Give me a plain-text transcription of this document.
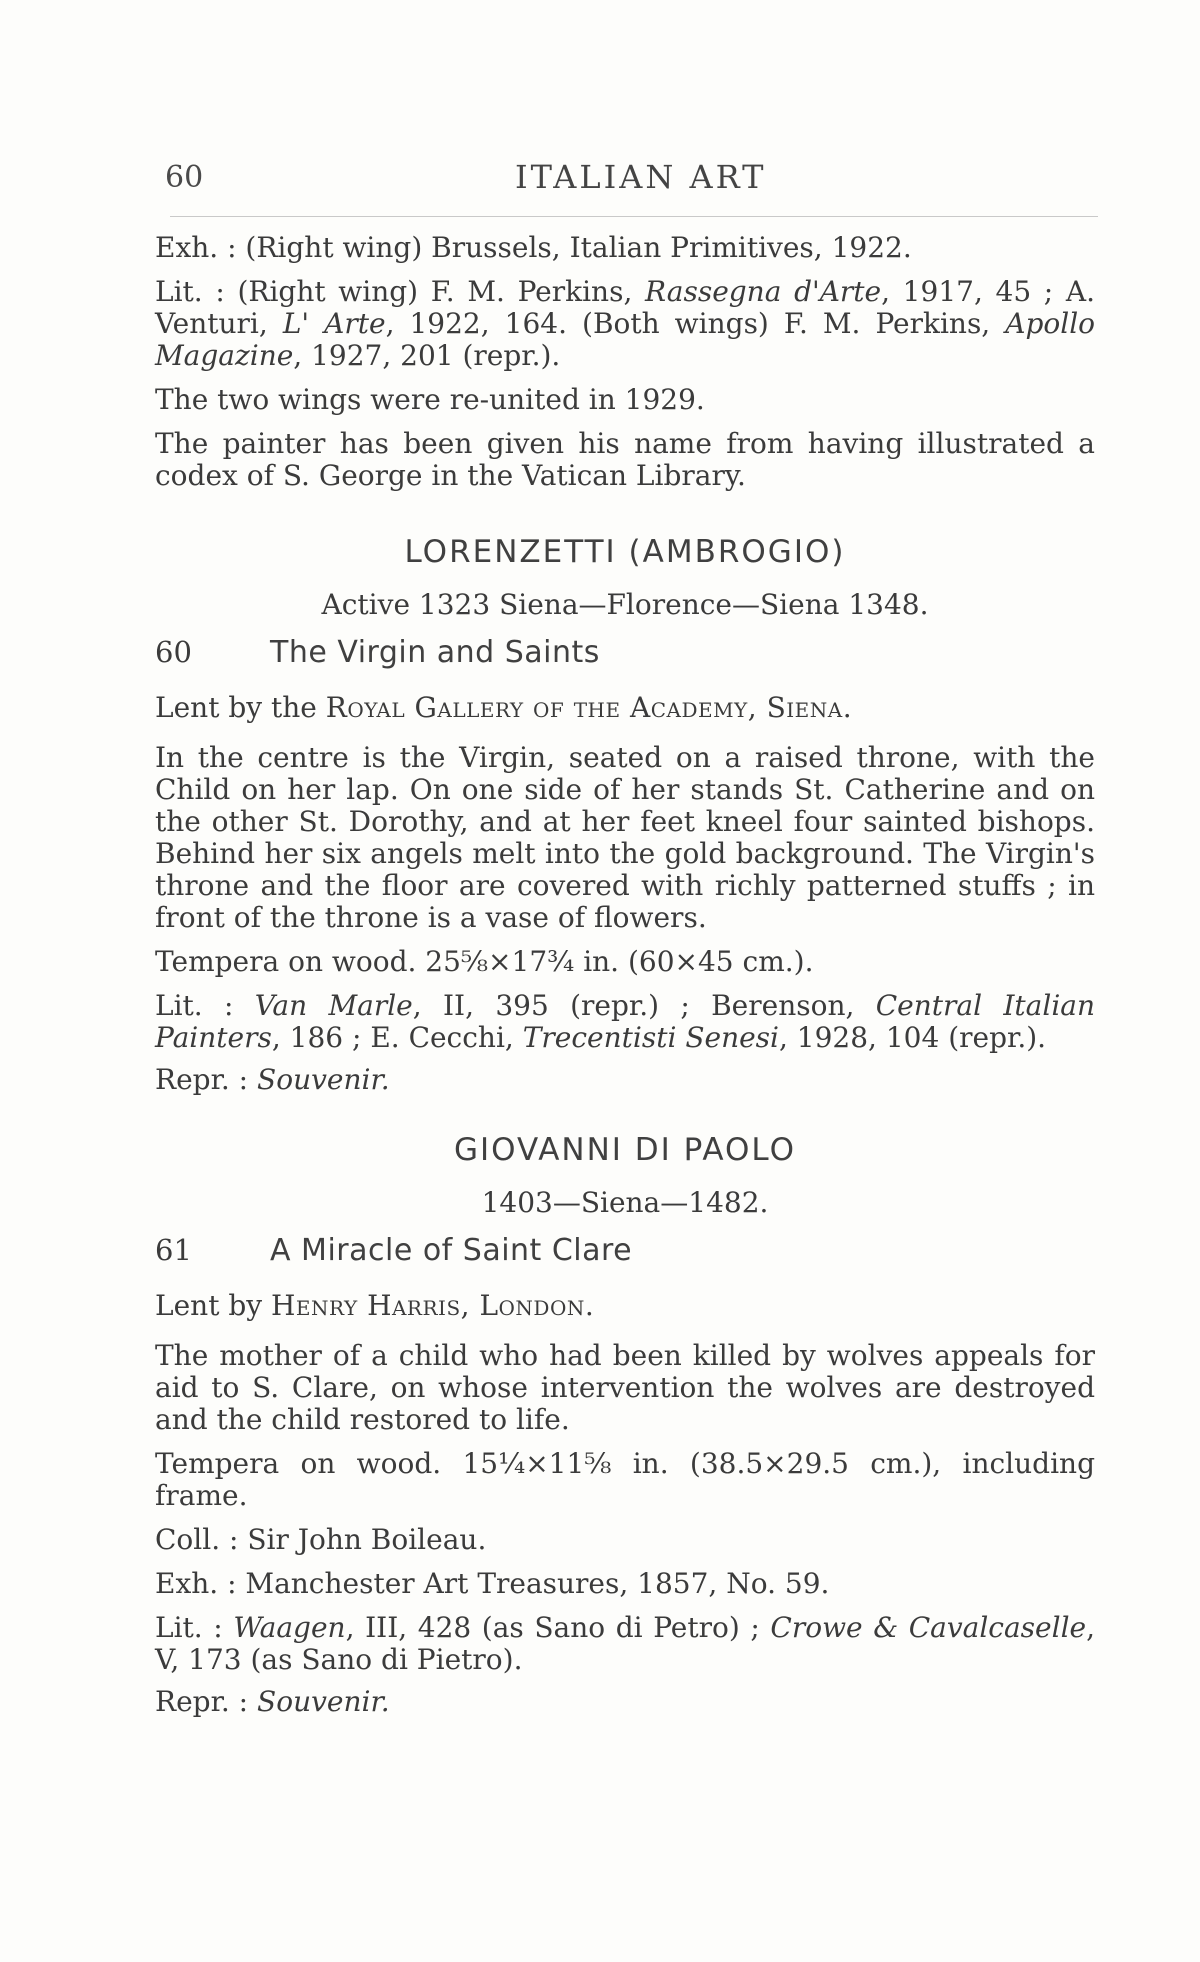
60	ITALIAN ART

Exh. : (Right wing) Brussels, Italian Primitives, 1922.

Lit. : (Right wing) F. M. Perkins, Rassegna d'Arte, 1917, 45 ; A. Venturi, L' Arte, 1922, 164. (Both wings) F. M. Perkins, Apollo Magazine, 1927, 201 (repr.).

The two wings were re-united in 1929.

The painter has been given his name from having illustrated a codex of S. George in the Vatican Library.

LORENZETTI (AMBROGIO)
Active 1323 Siena—Florence—Siena 1348.
60	The Virgin and Saints

Lent by the Royal Gallery of the Academy, Siena.

In the centre is the Virgin, seated on a raised throne, with the Child on her lap. On one side of her stands St. Catherine and on the other St. Dorothy, and at her feet kneel four sainted bishops. Behind her six angels melt into the gold background. The Virgin's throne and the floor are covered with richly patterned stuffs ; in front of the throne is a vase of flowers.

Tempera on wood. 25⅝×17¾ in. (60×45 cm.).

Lit. : Van Marle, II, 395 (repr.) ; Berenson, Central Italian Painters, 186 ; E. Cecchi, Trecentisti Senesi, 1928, 104 (repr.).

Repr. : Souvenir.

GIOVANNI DI PAOLO
1403—Siena—1482.
61	A Miracle of Saint Clare

Lent by Henry Harris, London.

The mother of a child who had been killed by wolves appeals for aid to S. Clare, on whose intervention the wolves are destroyed and the child restored to life.

Tempera on wood. 15¼×11⅝ in. (38.5×29.5 cm.), including frame.

Coll. : Sir John Boileau.

Exh. : Manchester Art Treasures, 1857, No. 59.

Lit. : Waagen, III, 428 (as Sano di Petro) ; Crowe & Cavalcaselle, V, 173 (as Sano di Pietro).

Repr. : Souvenir.
